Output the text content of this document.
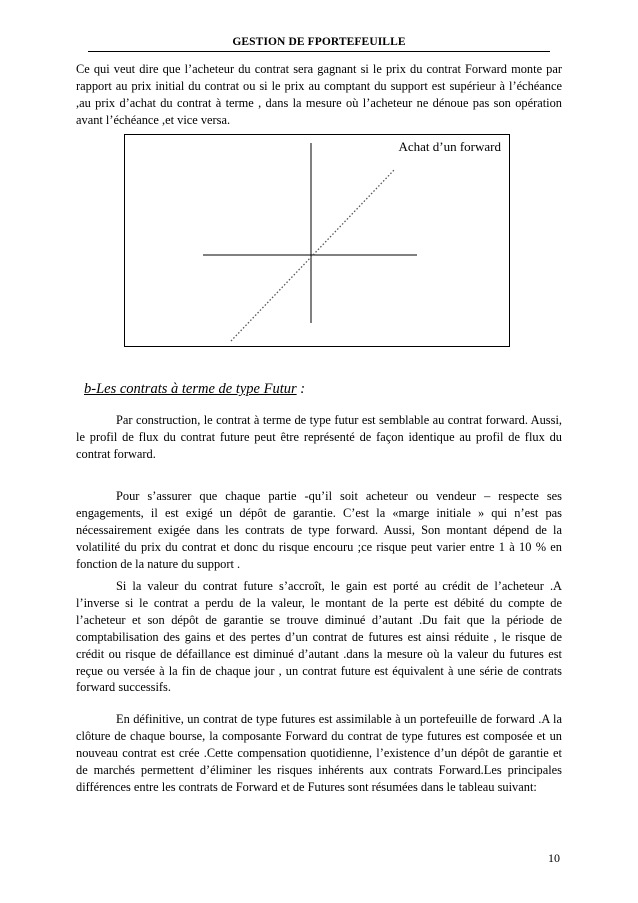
GESTION DE FPORTEFEUILLE
Ce qui veut dire que l’acheteur du contrat sera gagnant si le prix du contrat Forward monte par rapport au prix initial du contrat ou si le prix au comptant du support est supérieur à l’échéance ,au prix d’achat du contrat à terme , dans la mesure où l’acheteur ne dénoue pas son opération avant l’échéance ,et vice versa.
Achat d’un forward
b-Les contrats à terme de type Futur :
Par construction, le contrat à terme de type futur est semblable au contrat forward. Aussi, le profil de flux du contrat future peut être représenté de façon identique au profil de flux du contrat forward.
Pour s’assurer que chaque partie -qu’il soit acheteur ou vendeur – respecte ses engagements, il est exigé un dépôt de garantie. C’est la «marge initiale » qui n’est pas nécessairement exigée dans les contrats de type forward. Aussi, Son montant dépend de la volatilité du prix du contrat et donc du risque encouru ;ce risque peut varier entre 1 à 10 % en fonction de la nature du support .
Si la valeur du contrat future s’accroît, le gain est porté au crédit de l’acheteur .A l’inverse si le contrat a perdu de la valeur, le montant de la perte est débité du compte de l’acheteur et son dépôt de garantie se trouve diminué d’autant .Du fait que la période de comptabilisation des gains et des pertes d’un contrat de futures est ainsi réduite , le risque de crédit ou risque de défaillance est diminué d’autant .dans la mesure où la valeur du futures est reçue ou versée à la fin de chaque jour , un contrat future est équivalent à une série de contrats forward successifs.
En définitive, un contrat de type futures est assimilable à un portefeuille de forward .A la clôture de chaque bourse, la composante Forward du contrat de type futures est composée et un nouveau contrat est crée .Cette compensation quotidienne, l’existence d’un dépôt de garantie et de marchés permettent d’éliminer les risques inhérents aux contrats Forward.Les principales différences entre les contrats de Forward et de Futures sont résumées dans le tableau suivant:
10
